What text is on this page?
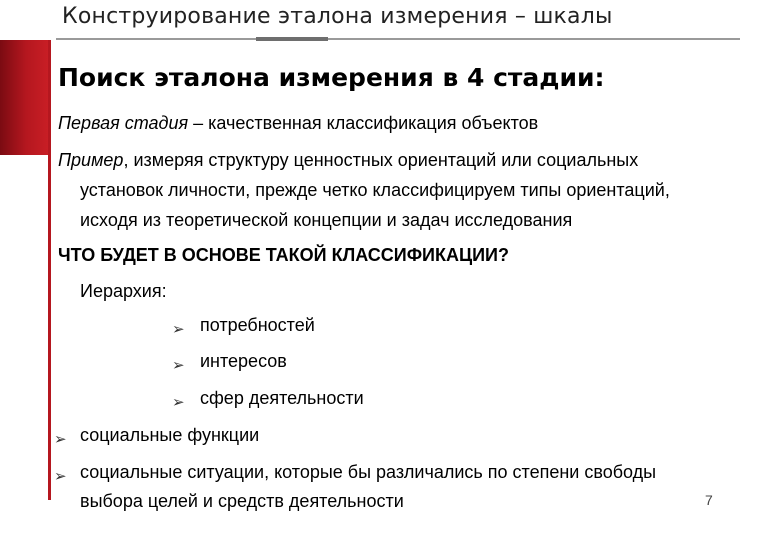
Конструирование эталона измерения – шкалы
Поиск эталона измерения в 4 стадии:
Первая стадия – качественная классификация объектов
Пример, измеряя структуру ценностных ориентаций или социальных
установок личности, прежде четко классифицируем типы ориентаций,
исходя из теоретической концепции и задач исследования
ЧТО БУДЕТ В ОСНОВЕ ТАКОЙ КЛАССИФИКАЦИИ?
Иерархия:
➢ потребностей
➢ интересов
➢ сфер деятельности
➢ социальные функции
➢ социальные ситуации, которые бы различались по степени свободы
выбора целей и средств деятельности	7
